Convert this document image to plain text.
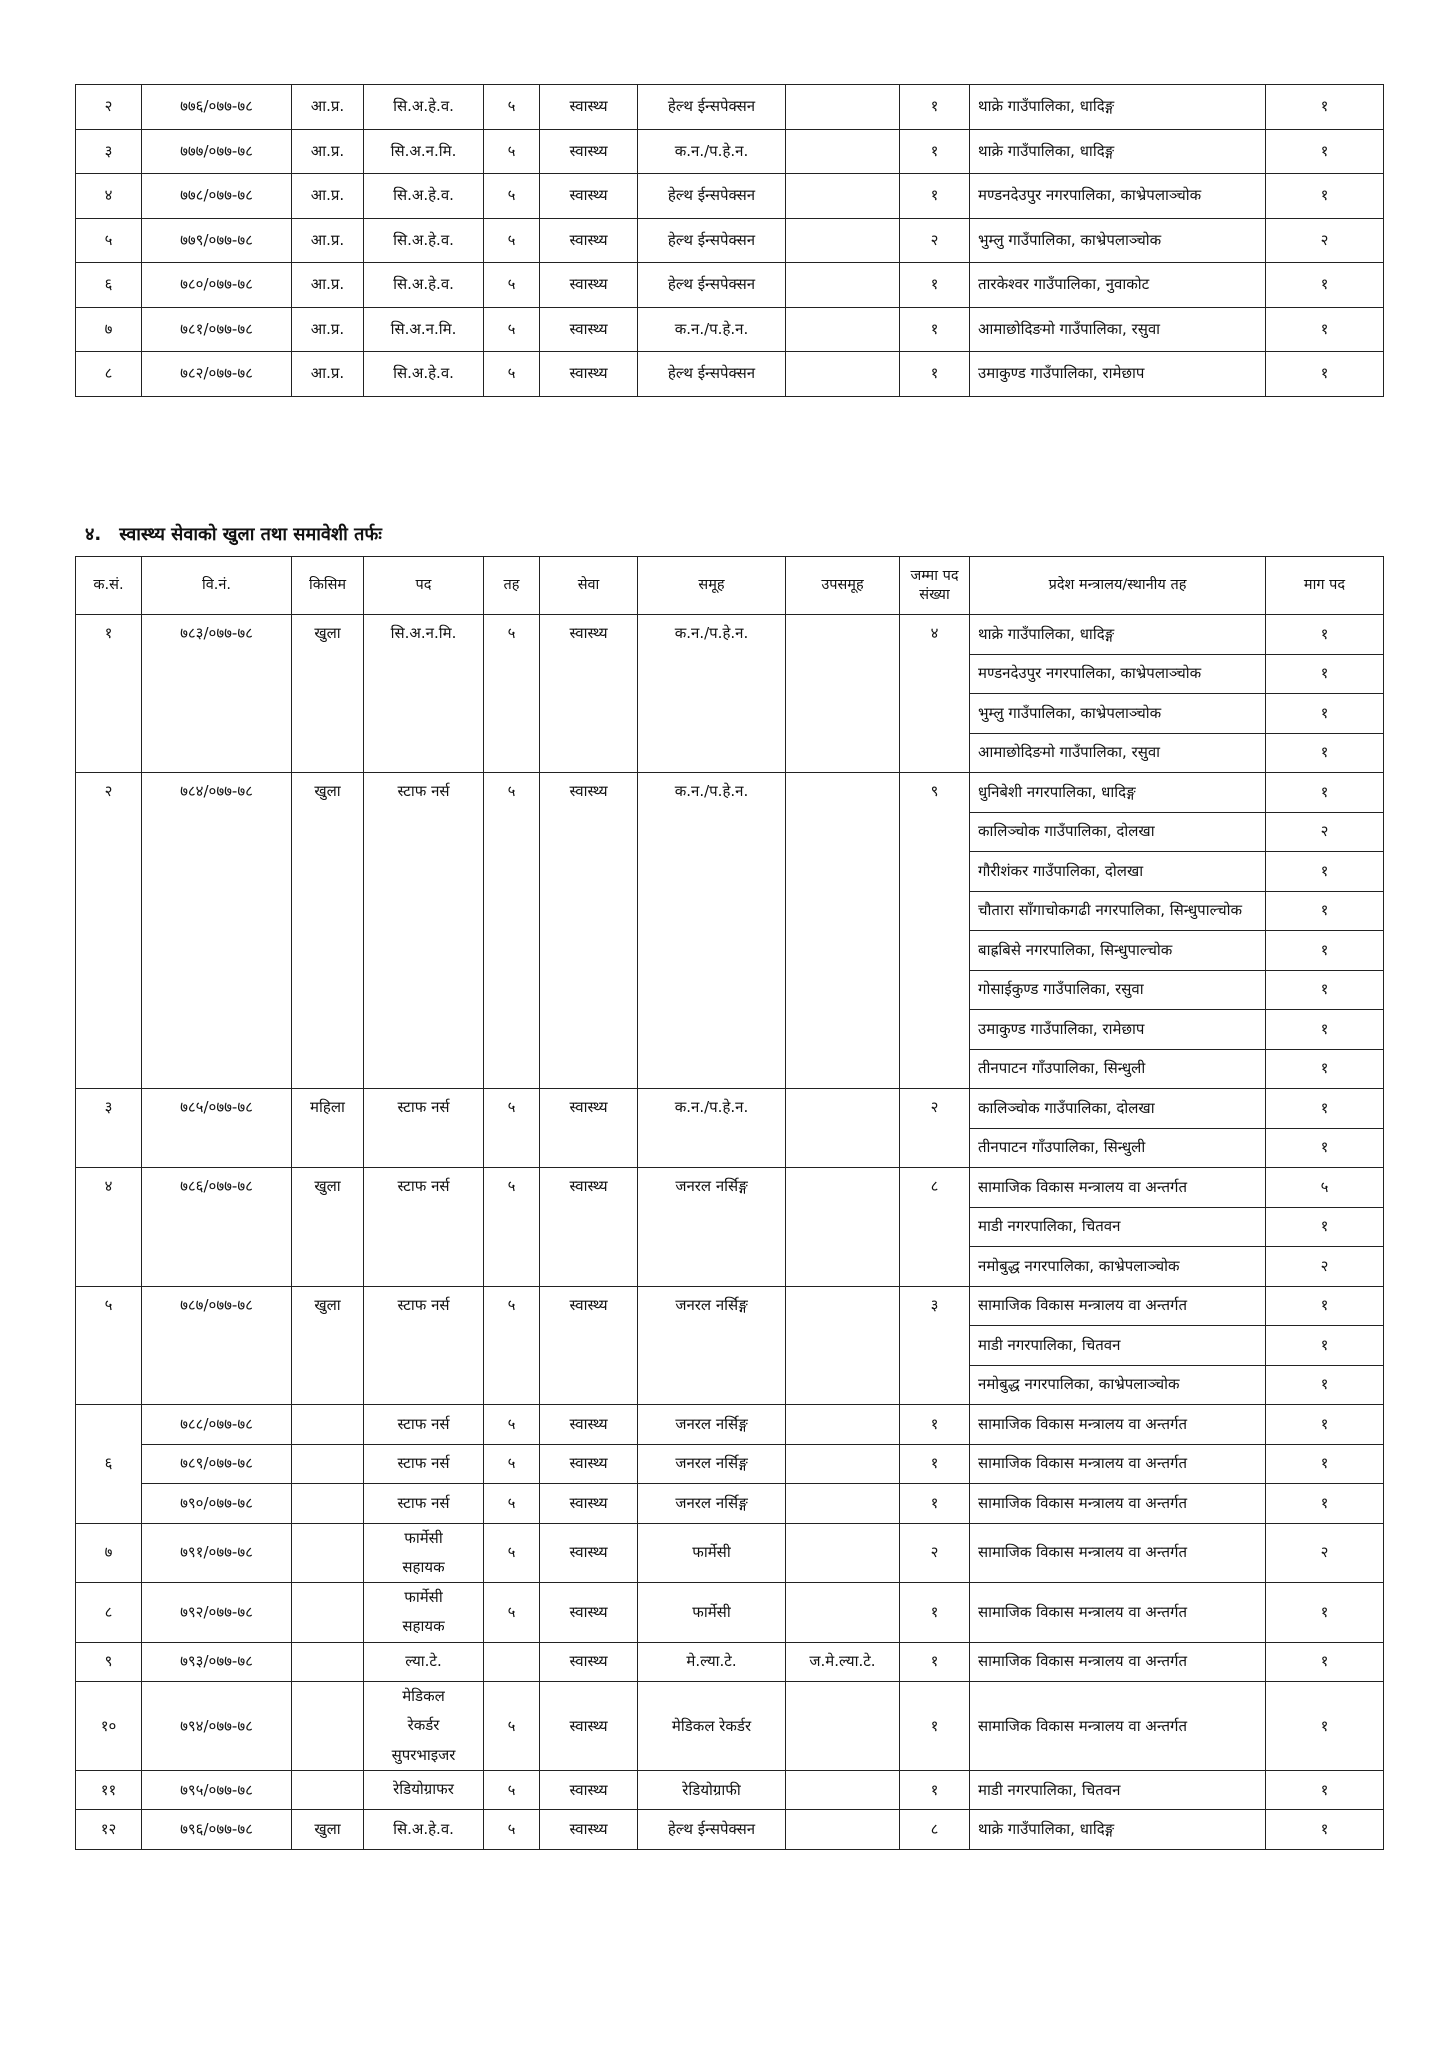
२	७७६/०७७-७८	आ.प्र.	सि.अ.हे.व.	५	स्वास्थ्य	हेल्थ ईन्सपेक्सन		१	थाक्रे गाउँपालिका, धादिङ्ग	१
३	७७७/०७७-७८	आ.प्र.	सि.अ.न.मि.	५	स्वास्थ्य	क.न./प.हे.न.		१	थाक्रे गाउँपालिका, धादिङ्ग	१
४	७७८/०७७-७८	आ.प्र.	सि.अ.हे.व.	५	स्वास्थ्य	हेल्थ ईन्सपेक्सन		१	मण्डनदेउपुर नगरपालिका, काभ्रेपलाञ्चोक	१
५	७७९/०७७-७८	आ.प्र.	सि.अ.हे.व.	५	स्वास्थ्य	हेल्थ ईन्सपेक्सन		२	भुम्लु गाउँपालिका, काभ्रेपलाञ्चोक	२
६	७८०/०७७-७८	आ.प्र.	सि.अ.हे.व.	५	स्वास्थ्य	हेल्थ ईन्सपेक्सन		१	तारकेश्वर गाउँपालिका, नुवाकोट	१
७	७८१/०७७-७८	आ.प्र.	सि.अ.न.मि.	५	स्वास्थ्य	क.न./प.हे.न.		१	आमाछोदिङमो गाउँपालिका, रसुवा	१
८	७८२/०७७-७८	आ.प्र.	सि.अ.हे.व.	५	स्वास्थ्य	हेल्थ ईन्सपेक्सन		१	उमाकुण्ड गाउँपालिका, रामेछाप	१
४. स्वास्थ्य सेवाको खुला तथा समावेशी तर्फः
क.सं.	वि.नं.	किसिम	पद	तह	सेवा	समूह	उपसमूह	जम्मा पद
संख्या	प्रदेश मन्त्रालय/स्थानीय तह	माग पद
१	७८३/०७७-७८	खुला	सि.अ.न.मि.	५	स्वास्थ्य	क.न./प.हे.न.		४	थाक्रे गाउँपालिका, धादिङ्ग	१
									मण्डनदेउपुर नगरपालिका, काभ्रेपलाञ्चोक	१
									भुम्लु गाउँपालिका, काभ्रेपलाञ्चोक	१
									आमाछोदिङमो गाउँपालिका, रसुवा	१
२	७८४/०७७-७८	खुला	स्टाफ नर्स	५	स्वास्थ्य	क.न./प.हे.न.		९	धुनिबेशी नगरपालिका, धादिङ्ग	१
									कालिञ्चोक गाउँपालिका, दोलखा	२
									गौरीशंकर गाउँपालिका, दोलखा	१
									चौतारा साँगाचोकगढी नगरपालिका, सिन्धुपाल्चोक	१
									बाह्रबिसे नगरपालिका, सिन्धुपाल्चोक	१
									गोसाईकुण्ड गाउँपालिका, रसुवा	१
									उमाकुण्ड गाउँपालिका, रामेछाप	१
									तीनपाटन गाँउपालिका, सिन्धुली	१
३	७८५/०७७-७८	महिला	स्टाफ नर्स	५	स्वास्थ्य	क.न./प.हे.न.		२	कालिञ्चोक गाउँपालिका, दोलखा	१
									तीनपाटन गाँउपालिका, सिन्धुली	१
४	७८६/०७७-७८	खुला	स्टाफ नर्स	५	स्वास्थ्य	जनरल नर्सिङ्ग		८	सामाजिक विकास मन्त्रालय वा अन्तर्गत	५
									माडी नगरपालिका, चितवन	१
									नमोबुद्ध नगरपालिका, काभ्रेपलाञ्चोक	२
५	७८७/०७७-७८	खुला	स्टाफ नर्स	५	स्वास्थ्य	जनरल नर्सिङ्ग		३	सामाजिक विकास मन्त्रालय वा अन्तर्गत	१
									माडी नगरपालिका, चितवन	१
									नमोबुद्ध नगरपालिका, काभ्रेपलाञ्चोक	१
६	७८८/०७७-७८		स्टाफ नर्स	५	स्वास्थ्य	जनरल नर्सिङ्ग		१	सामाजिक विकास मन्त्रालय वा अन्तर्गत	१
	७८९/०७७-७८		स्टाफ नर्स	५	स्वास्थ्य	जनरल नर्सिङ्ग		१	सामाजिक विकास मन्त्रालय वा अन्तर्गत	१
	७९०/०७७-७८		स्टाफ नर्स	५	स्वास्थ्य	जनरल नर्सिङ्ग		१	सामाजिक विकास मन्त्रालय वा अन्तर्गत	१
७	७९१/०७७-७८		फार्मेसी
सहायक	५	स्वास्थ्य	फार्मेसी		२	सामाजिक विकास मन्त्रालय वा अन्तर्गत	२
८	७९२/०७७-७८		फार्मेसी
सहायक	५	स्वास्थ्य	फार्मेसी		१	सामाजिक विकास मन्त्रालय वा अन्तर्गत	१
९	७९३/०७७-७८		ल्या.टे.		स्वास्थ्य	मे.ल्या.टे.	ज.मे.ल्या.टे.	१	सामाजिक विकास मन्त्रालय वा अन्तर्गत	१
१०	७९४/०७७-७८		मेडिकल
रेकर्डर
सुपरभाइजर	५	स्वास्थ्य	मेडिकल रेकर्डर		१	सामाजिक विकास मन्त्रालय वा अन्तर्गत	१
११	७९५/०७७-७८		रेडियोग्राफर	५	स्वास्थ्य	रेडियोग्राफी		१	माडी नगरपालिका, चितवन	१
१२	७९६/०७७-७८	खुला	सि.अ.हे.व.	५	स्वास्थ्य	हेल्थ ईन्सपेक्सन		८	थाक्रे गाउँपालिका, धादिङ्ग	१
